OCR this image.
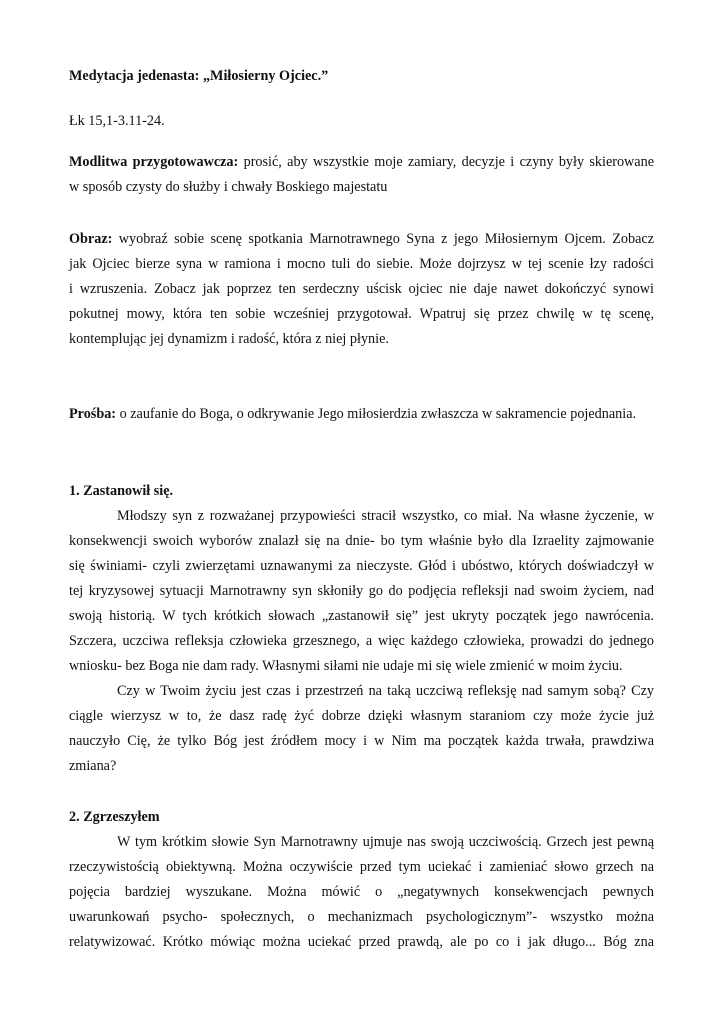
Medytacja jedenasta: „Miłosierny Ojciec.”

Łk 15,1-3.11-24.

Modlitwa przygotowawcza: prosić, aby wszystkie moje zamiary, decyzje i czyny były skierowane

w sposób czysty do służby i chwały Boskiego majestatu

Obraz: wyobraź sobie scenę spotkania Marnotrawnego Syna z jego Miłosiernym Ojcem. Zobacz

jak Ojciec bierze syna w ramiona i mocno tuli do siebie. Może dojrzysz w tej scenie łzy radości

i wzruszenia. Zobacz jak poprzez ten serdeczny uścisk ojciec nie daje nawet dokończyć synowi

pokutnej mowy, która ten sobie wcześniej przygotował. Wpatruj się przez chwilę w tę scenę,

kontemplując jej dynamizm i radość, która z niej płynie.

Prośba: o zaufanie do Boga, o odkrywanie Jego miłosierdzia zwłaszcza w sakramencie pojednania.

1. Zastanowił się.

Młodszy syn z rozważanej przypowieści stracił wszystko, co miał. Na własne życzenie, w

konsekwencji swoich wyborów znalazł się na dnie- bo tym właśnie było dla Izraelity zajmowanie

się świniami- czyli zwierzętami uznawanymi za nieczyste. Głód i ubóstwo, których doświadczył w

tej kryzysowej sytuacji Marnotrawny syn skłoniły go do podjęcia refleksji nad swoim życiem, nad

swoją historią. W tych krótkich słowach „zastanowił się” jest ukryty początek jego nawrócenia.

Szczera, uczciwa refleksja człowieka grzesznego, a więc każdego człowieka, prowadzi do jednego

wniosku- bez Boga nie dam rady. Własnymi siłami nie udaje mi się wiele zmienić w moim życiu.

Czy w Twoim życiu jest czas i przestrzeń na taką uczciwą refleksję nad samym sobą? Czy

ciągle wierzysz w to, że dasz radę żyć dobrze dzięki własnym staraniom czy może życie już

nauczyło Cię, że tylko Bóg jest źródłem mocy i w Nim ma początek każda trwała, prawdziwa

zmiana?

2. Zgrzeszyłem

W tym krótkim słowie Syn Marnotrawny ujmuje nas swoją uczciwością. Grzech jest pewną

rzeczywistością obiektywną. Można oczywiście przed tym uciekać i zamieniać słowo grzech na

pojęcia bardziej wyszukane. Można mówić o „negatywnych konsekwencjach pewnych

uwarunkowań psycho- społecznych, o mechanizmach psychologicznym”- wszystko można

relatywizować. Krótko mówiąc można uciekać przed prawdą, ale po co i jak długo... Bóg zna
